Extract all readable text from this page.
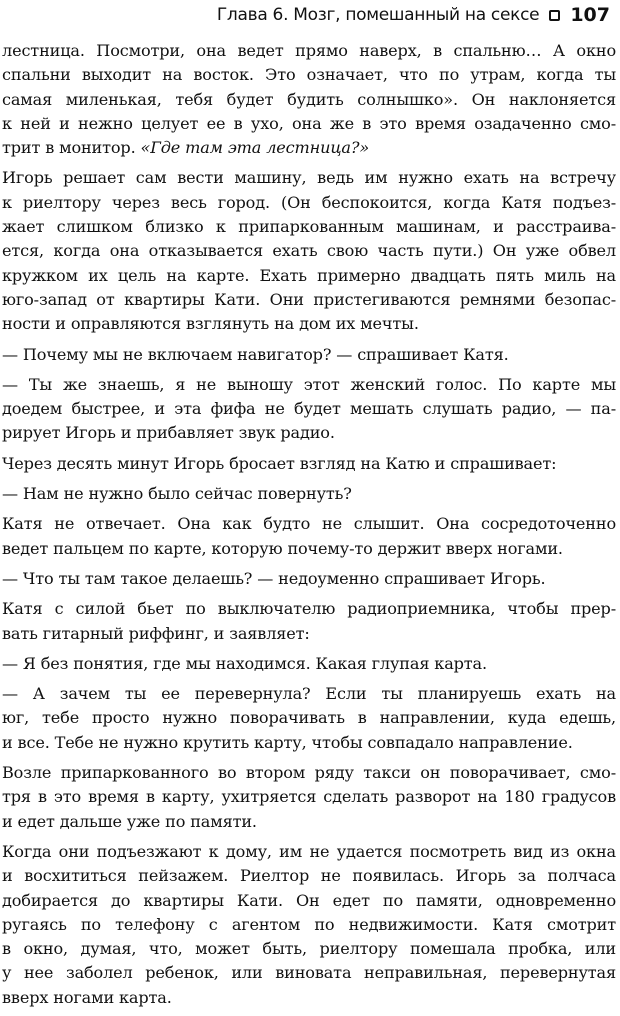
Глава 6. Мозг, помешанный на сексе 107

лестница. Посмотри, она ведет прямо наверх, в спальню… А окно
спальни выходит на восток. Это означает, что по утрам, когда ты
самая миленькая, тебя будет будить солнышко». Он наклоняется
к ней и нежно целует ее в ухо, она же в это время озадаченно смо-
трит в монитор. «Где там эта лестница?»

Игорь решает сам вести машину, ведь им нужно ехать на встречу
к риелтору через весь город. (Он беспокоится, когда Катя подъез-
жает слишком близко к припаркованным машинам, и расстраива-
ется, когда она отказывается ехать свою часть пути.) Он уже обвел
кружком их цель на карте. Ехать примерно двадцать пять миль на
юго-запад от квартиры Кати. Они пристегиваются ремнями безопас-
ности и оправляются взглянуть на дом их мечты.

— Почему мы не включаем навигатор? — спрашивает Катя.

— Ты же знаешь, я не выношу этот женский голос. По карте мы
доедем быстрее, и эта фифа не будет мешать слушать радио, — па-
рирует Игорь и прибавляет звук радио.

Через десять минут Игорь бросает взгляд на Катю и спрашивает:

— Нам не нужно было сейчас повернуть?

Катя не отвечает. Она как будто не слышит. Она сосредоточенно
ведет пальцем по карте, которую почему-то держит вверх ногами.

— Что ты там такое делаешь? — недоуменно спрашивает Игорь.

Катя с силой бьет по выключателю радиоприемника, чтобы прер-
вать гитарный риффинг, и заявляет:

— Я без понятия, где мы находимся. Какая глупая карта.

— А зачем ты ее перевернула? Если ты планируешь ехать на
юг, тебе просто нужно поворачивать в направлении, куда едешь,
и все. Тебе не нужно крутить карту, чтобы совпадало направление.

Возле припаркованного во втором ряду такси он поворачивает, смо-
тря в это время в карту, ухитряется сделать разворот на 180 градусов
и едет дальше уже по памяти.

Когда они подъезжают к дому, им не удается посмотреть вид из окна
и восхититься пейзажем. Риелтор не появилась. Игорь за полчаса
добирается до квартиры Кати. Он едет по памяти, одновременно
ругаясь по телефону с агентом по недвижимости. Катя смотрит
в окно, думая, что, может быть, риелтору помешала пробка, или
у нее заболел ребенок, или виновата неправильная, перевернутая
вверх ногами карта.
